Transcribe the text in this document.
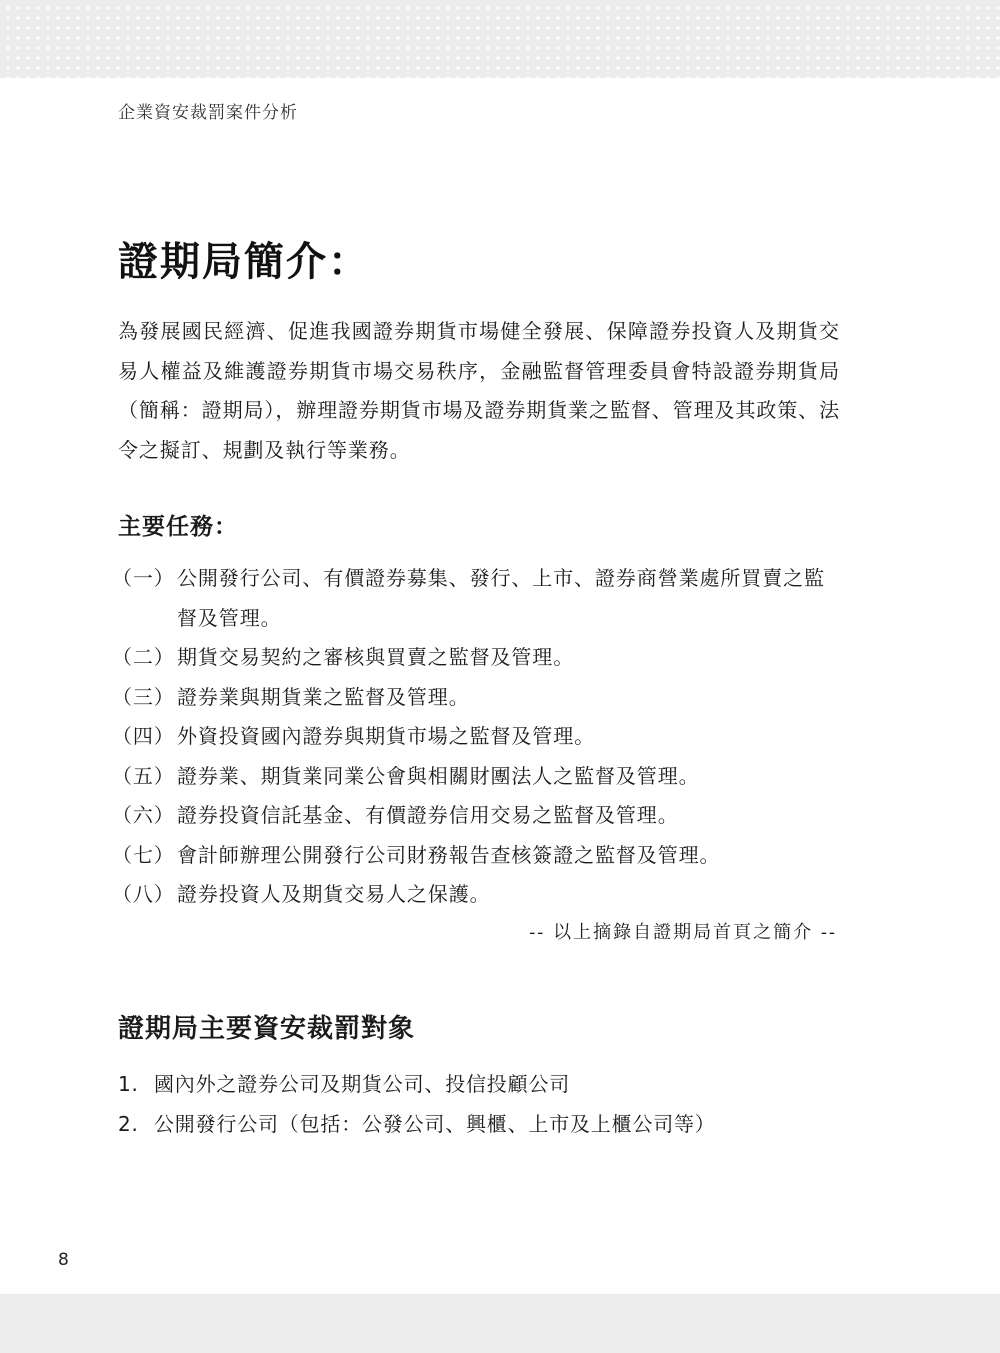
企業資安裁罰案件分析
證期局簡介：

為發展國民經濟、促進我國證券期貨市場健全發展、保障證券投資人及期貨交易人權益及維護證券期貨市場交易秩序，金融監督管理委員會特設證券期貨局（簡稱：證期局），辦理證券期貨市場及證券期貨業之監督、管理及其政策、法令之擬訂、規劃及執行等業務。

主要任務：
（一） 公開發行公司、有價證券募集、發行、上市、證券商營業處所買賣之監督及管理。
（二） 期貨交易契約之審核與買賣之監督及管理。
（三） 證券業與期貨業之監督及管理。
（四） 外資投資國內證券與期貨市場之監督及管理。
（五） 證券業、期貨業同業公會與相關財團法人之監督及管理。
（六） 證券投資信託基金、有價證券信用交易之監督及管理。
（七） 會計師辦理公開發行公司財務報告查核簽證之監督及管理。
（八） 證券投資人及期貨交易人之保護。
-- 以上摘錄自證期局首頁之簡介 --
證期局主要資安裁罰對象
1. 國內外之證券公司及期貨公司、投信投顧公司
2. 公開發行公司（包括：公發公司、興櫃、上市及上櫃公司等）
8
